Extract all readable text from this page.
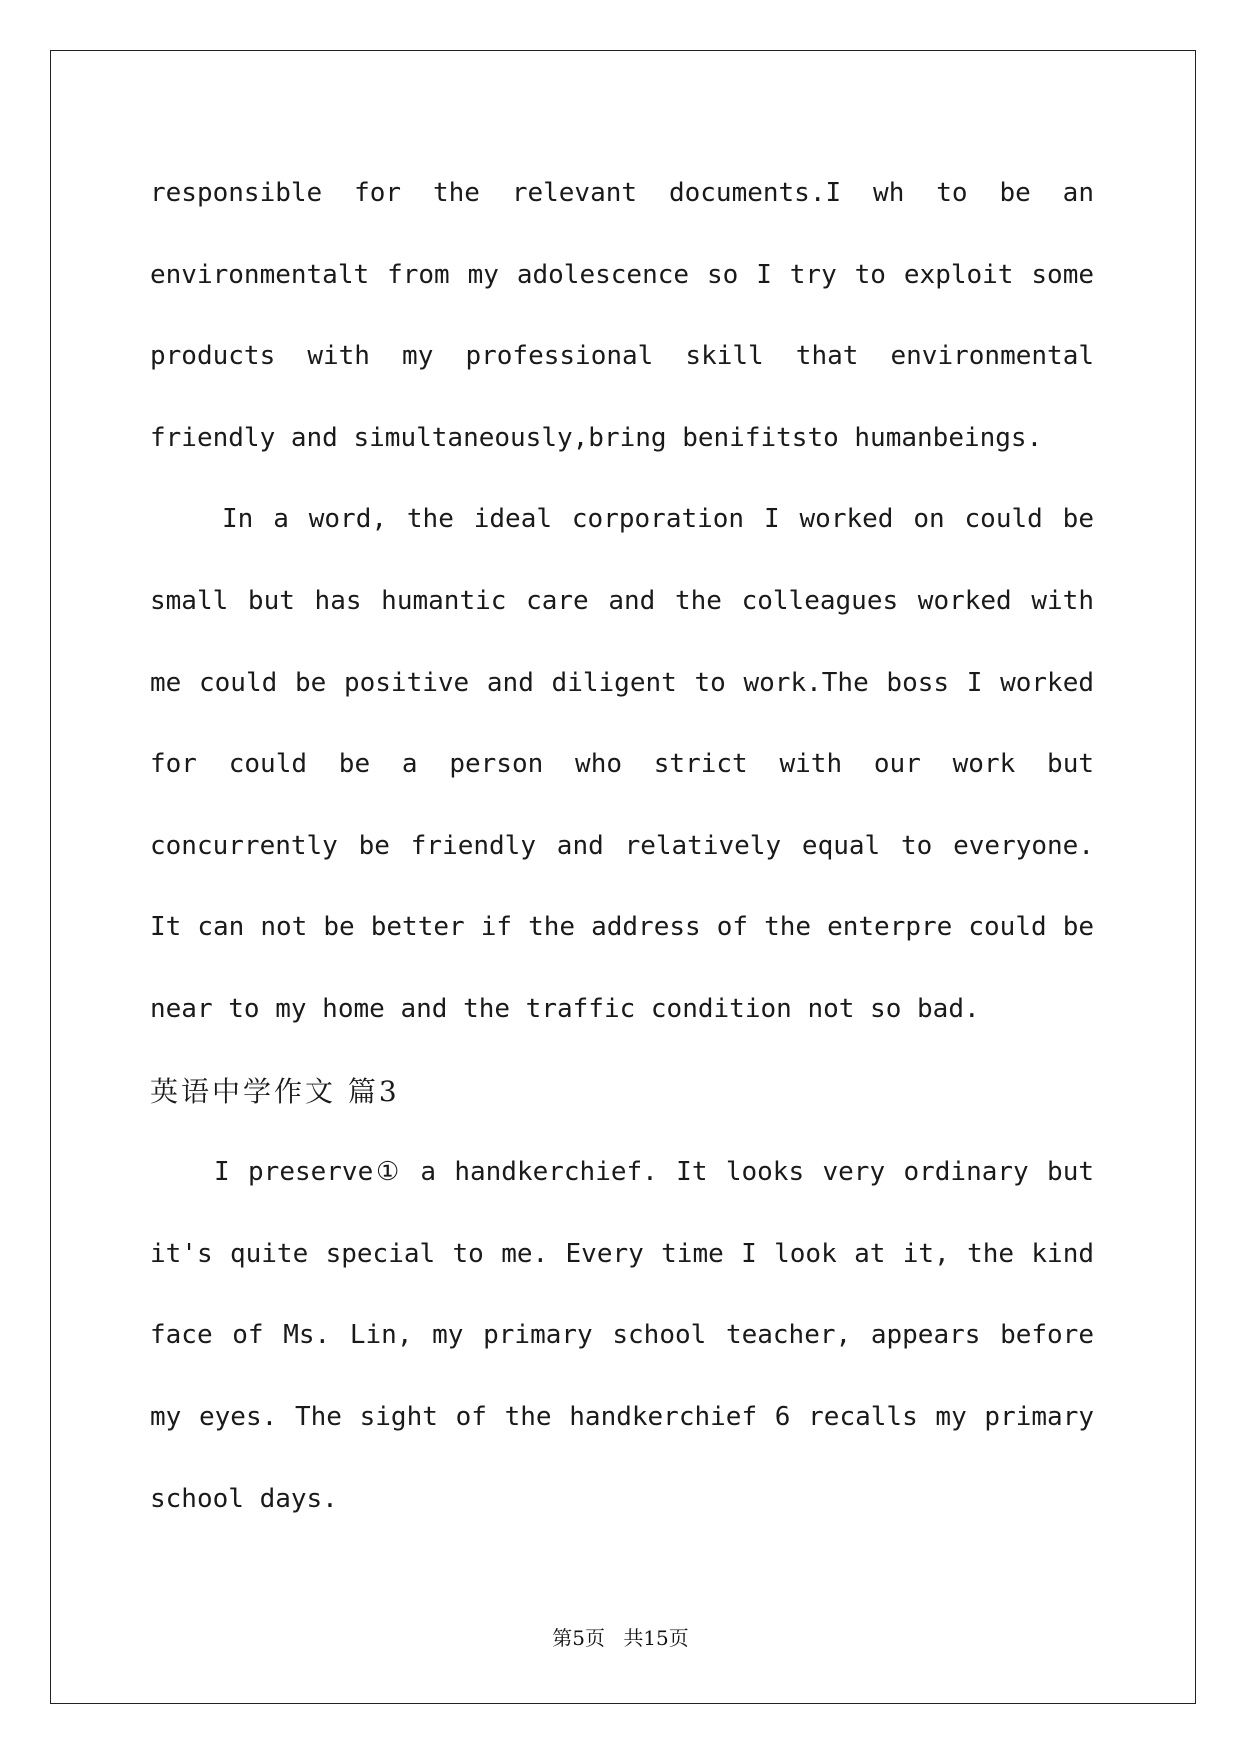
responsible for the relevant documents.I wh to be an
environmentalt from my adolescence so I try to exploit some
products with my professional skill that environmental
friendly and simultaneously,bring benifitsto humanbeings.
In a word, the ideal corporation I worked on could be
small but has humantic care and the colleagues worked with
me could be positive and diligent to work.The boss I worked
for could be a person who strict with our work but
concurrently be friendly and relatively equal to everyone.
It can not be better if the address of the enterpre could be
near to my home and the traffic condition not so bad.
英语中学作文 篇3
I preserve① a handkerchief. It looks very ordinary but
it's quite special to me. Every time I look at it, the kind
face of Ms. Lin, my primary school teacher, appears before
my eyes. The sight of the handkerchief 6 recalls my primary
school days.
第5页 共15页
